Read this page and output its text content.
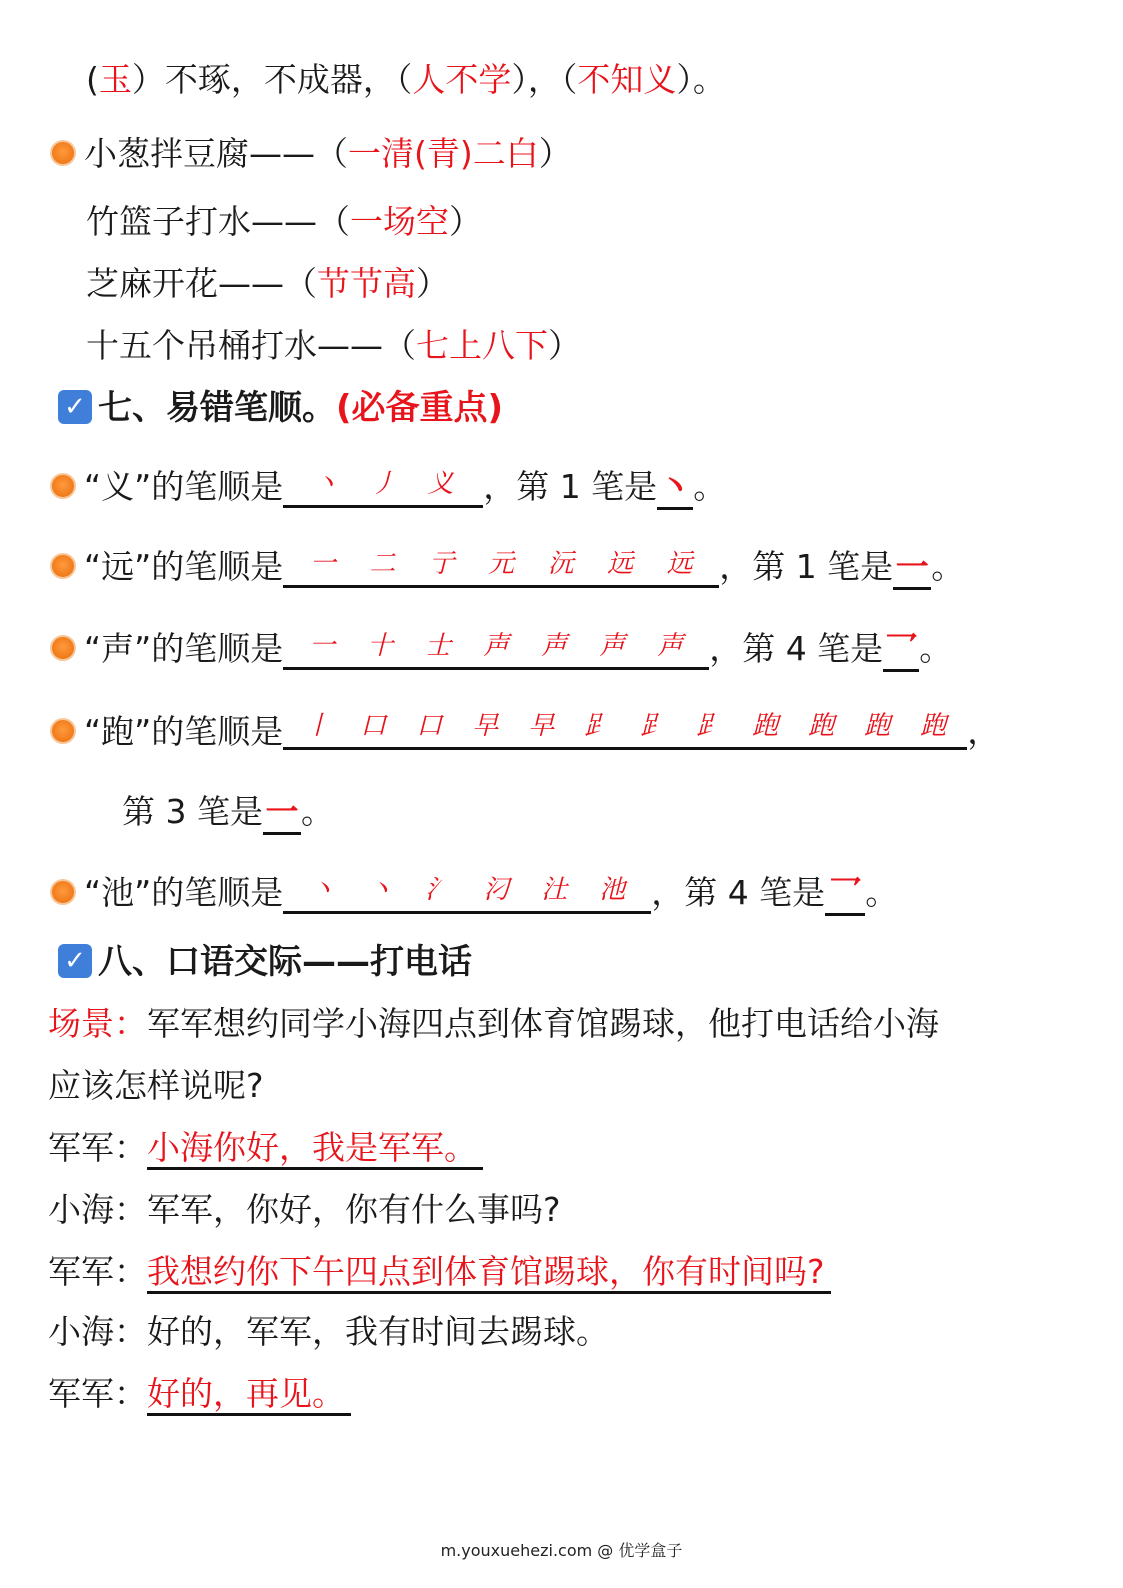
(玉）不琢，不成器，（人不学），（不知义）。
小葱拌豆腐——（一清(青)二白）
竹篮子打水——（一场空）
芝麻开花——（节节高）
十五个吊桶打水——（七上八下）
✓ 七、易错笔顺。(必备重点)
“义”的笔顺是 丶 丿 义 ，第 1 笔是丶。
“远”的笔顺是 一 二 亍 元 沅 远 远 ，第 1 笔是一。
“声”的笔顺是 一 十 士 声 声 声 声 ，第 4 笔是乛。
“跑”的笔顺是 丨 口 口 早 早 𧾷 𧾷 𧾷 跑 跑 跑 跑 ，
第 3 笔是一。
“池”的笔顺是 丶 丶 氵 汈 汢 池 ，第 4 笔是 乛 。
✓ 八、口语交际——打电话
场景：军军想约同学小海四点到体育馆踢球，他打电话给小海
应该怎样说呢?
军军：小海你好，我是军军。
小海：军军，你好，你有什么事吗?
军军：我想约你下午四点到体育馆踢球，你有时间吗?
小海：好的，军军，我有时间去踢球。
军军：好的，再见。
m.youxuehezi.com @ 优学盒子
